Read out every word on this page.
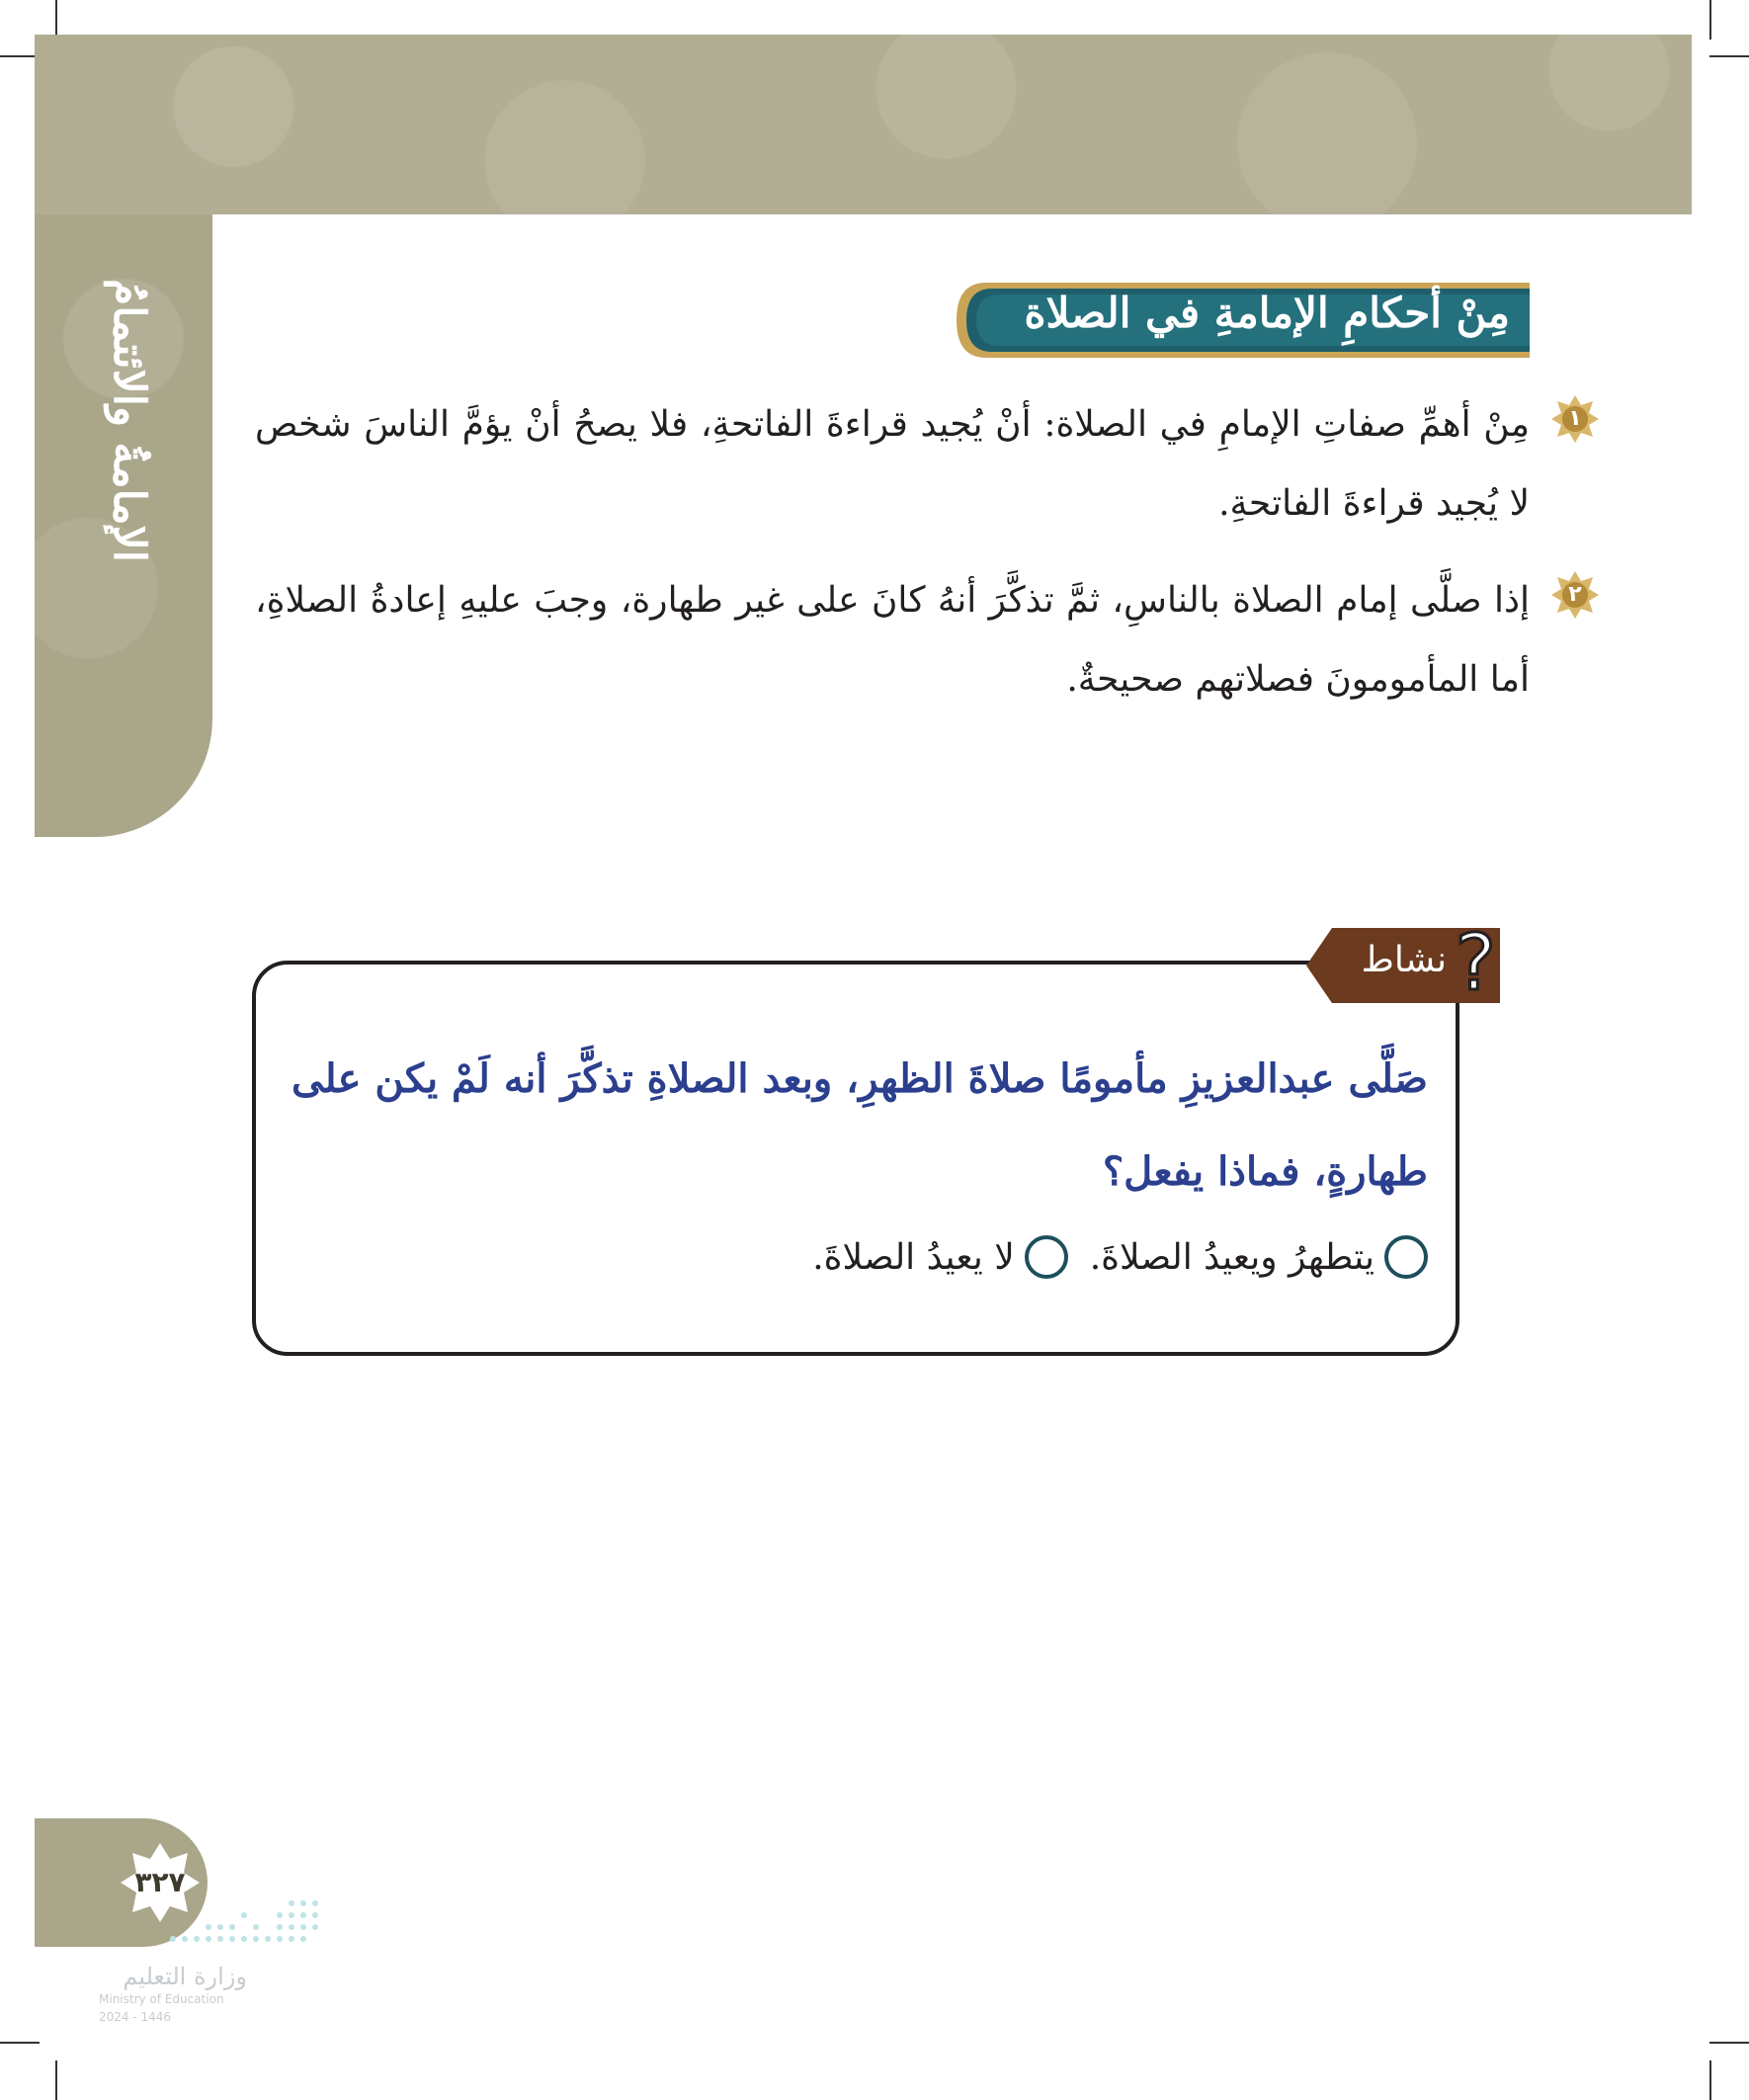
الإمامةُ والائتمامُ	مِنْ أحكامِ الإمامةِ في الصلاة
١

مِنْ أهمِّ صفاتِ الإمامِ في الصلاة: أنْ يُجيد قراءةَ الفاتحةِ، فلا يصحُ أنْ يؤمَّ الناسَ شخص لا يُجيد قراءةَ الفاتحةِ.

٢

إذا صلَّى إمام الصلاة بالناسِ، ثمَّ تذكَّرَ أنهُ كانَ على غير طهارة، وجبَ عليهِ إعادةُ الصلاةِ، أما المأمومونَ فصلاتهم صحيحةٌ.

?
نشاط

صَلَّى عبدالعزيزِ مأمومًا صلاةَ الظهرِ، وبعد الصلاةِ تذكَّرَ أنه لَمْ يكن على طهارةٍ، فماذا يفعل؟

يتطهرُ ويعيدُ الصلاةَ.
لا يعيدُ الصلاةَ.
٣٢٧
وزارة التعليم
Ministry of Education
2024 - 1446
